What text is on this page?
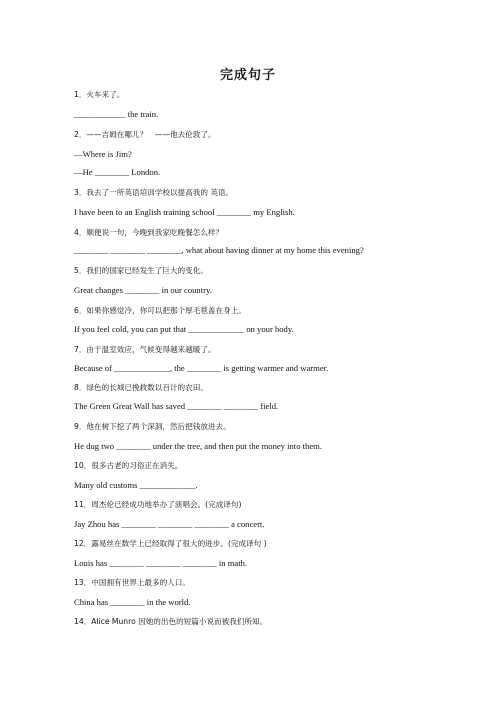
完成句子
1．火车来了。
____________ the train.
2．——吉姆在哪儿？　——他去伦敦了。
—Where is Jim?
—He ________ London.
3．我去了一所英语培训学校以提高我的 英语。
I have been to an English training school ________ my English.
4．顺便说一句，今晚到我家吃晚餐怎么样？
________ ________ ________, what about having dinner at my home this evening?
5．我们的国家已经发生了巨大的变化。
Great changes ________ in our country.
6．如果你感觉冷，你可以把那个厚毛毯盖在身上。
If you feel cold, you can put that _____________ on your body.
7．由于温室效应，气候变得越来越暖了。
Because of _____________, the ________ is getting warmer and warmer.
8．绿色的长城已挽救数以百计的农田。
The Green Great Wall has saved ________ ________ field.
9．他在树下挖了两个深洞，然后把钱放进去。
He dug two ________ under the tree, and then put the money into them.
10．很多古老的习俗正在消失。
Many old customs _____________.
11．周杰伦已经成功地举办了演唱会。(完成译句)
Jay Zhou has ________ ________ ________ a concert.
12．露易丝在数学上已经取得了很大的进步。(完成译句 )
Louis has ________ ________ ________ in math.
13．中国拥有世界上最多的人口。
China has ________ in the world.
14．Alice Munro 因她的出色的短篇小说而被我们所知。
